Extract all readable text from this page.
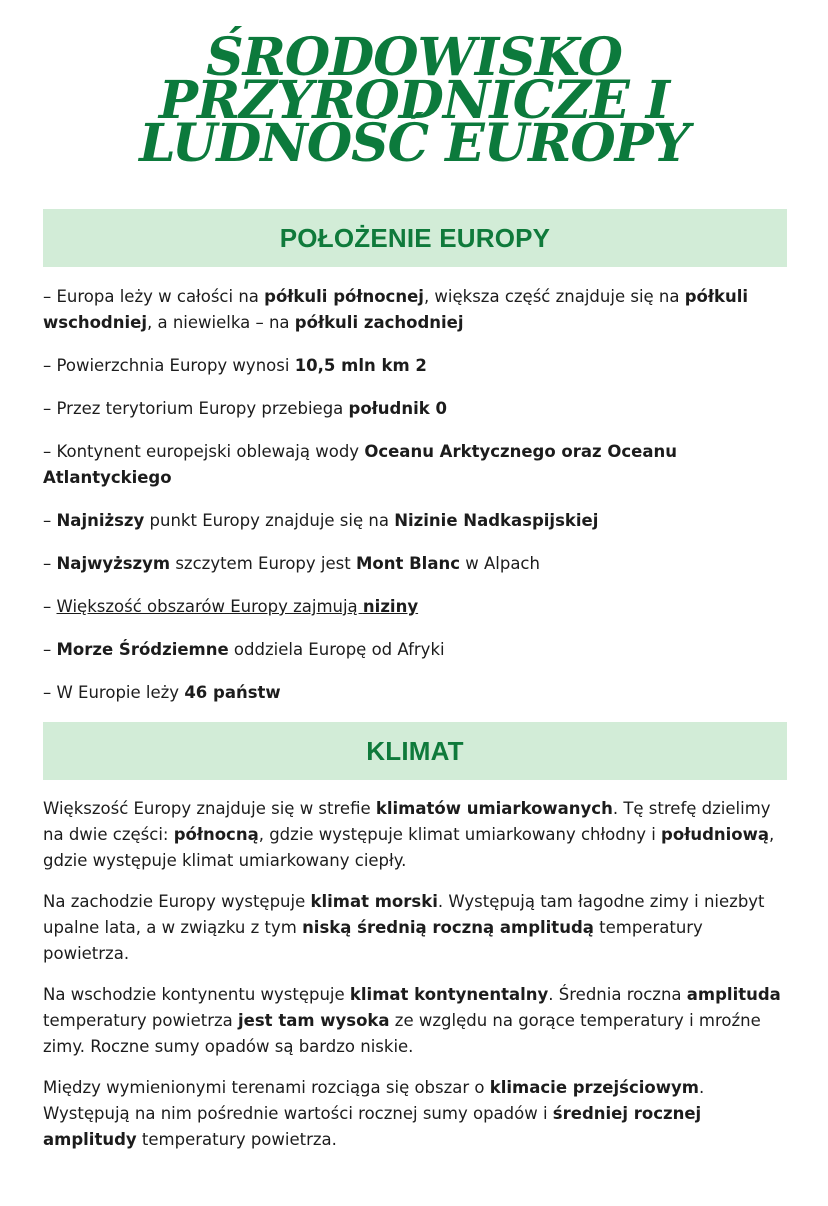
ŚRODOWISKO
PRZYRODNICZE I
LUDNOŚĆ EUROPY
POŁOŻENIE EUROPY
– Europa leży w całości na półkuli północnej, większa część znajduje się na półkuli wschodniej, a niewielka – na półkuli zachodniej
– Powierzchnia Europy wynosi 10,5 mln km 2
– Przez terytorium Europy przebiega południk 0
– Kontynent europejski oblewają wody Oceanu Arktycznego oraz Oceanu Atlantyckiego
– Najniższy punkt Europy znajduje się na Nizinie Nadkaspijskiej
– Najwyższym szczytem Europy jest Mont Blanc w Alpach
– Większość obszarów Europy zajmują niziny
– Morze Śródziemne oddziela Europę od Afryki
– W Europie leży 46 państw
KLIMAT

Większość Europy znajduje się w strefie klimatów umiarkowanych. Tę strefę dzielimy na dwie części: północną, gdzie występuje klimat umiarkowany chłodny i południową, gdzie występuje klimat umiarkowany ciepły.

Na zachodzie Europy występuje klimat morski. Występują tam łagodne zimy i niezbyt upalne lata, a w związku z tym niską średnią roczną amplitudą temperatury powietrza.

Na wschodzie kontynentu występuje klimat kontynentalny. Średnia roczna amplituda temperatury powietrza jest tam wysoka ze względu na gorące temperatury i mroźne zimy. Roczne sumy opadów są bardzo niskie.

Między wymienionymi terenami rozciąga się obszar o klimacie przejściowym. Występują na nim pośrednie wartości rocznej sumy opadów i średniej rocznej amplitudy temperatury powietrza.
